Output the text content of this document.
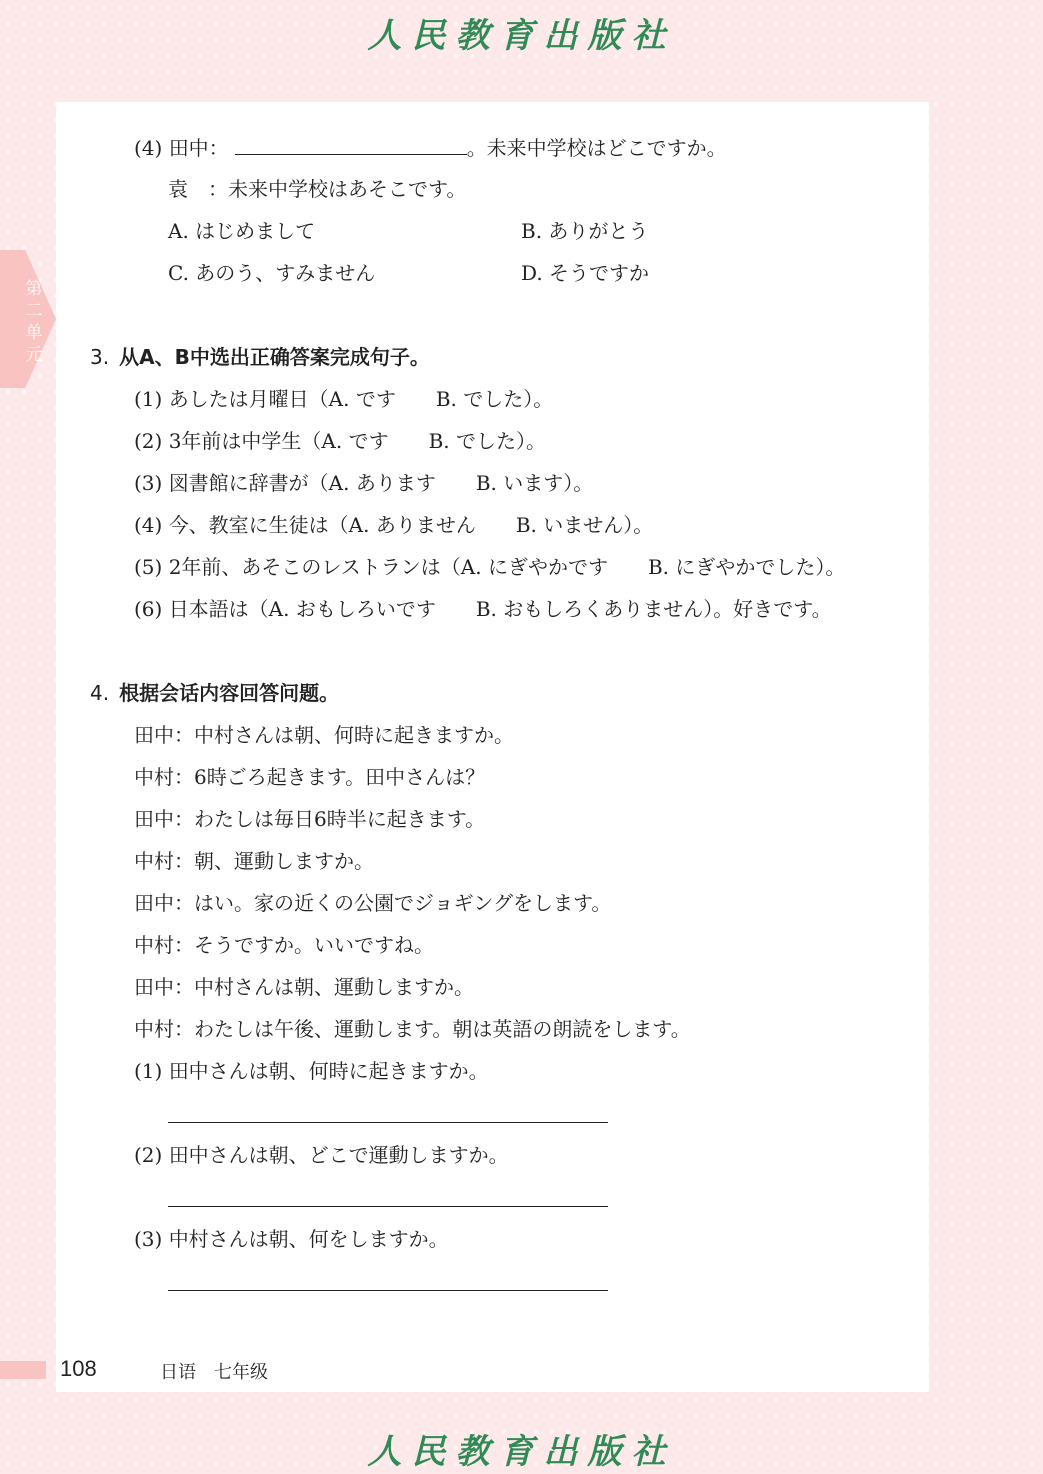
人民教育出版社
第二单元
(4) 田中：	。未来中学校はどこですか。
袁　：未来中学校はあそこです。
A. はじめまして	B. ありがとう
C. あのう、すみません	D. そうですか
3. 从A、B中选出正确答案完成句子。
(1) あしたは月曜日（A. です　　B. でした）。
(2) 3年前は中学生（A. です　　B. でした）。
(3) 図書館に辞書が（A. あります　　B. います）。
(4) 今、教室に生徒は（A. ありません　　B. いません）。
(5) 2年前、あそこのレストランは（A. にぎやかです　　B. にぎやかでした）。
(6) 日本語は（A. おもしろいです　　B. おもしろくありません）。好きです。
4. 根据会话内容回答问题。
田中：中村さんは朝、何時に起きますか。
中村：6時ごろ起きます。田中さんは？
田中：わたしは毎日6時半に起きます。
中村：朝、運動しますか。
田中：はい。家の近くの公園でジョギングをします。
中村：そうですか。いいですね。
田中：中村さんは朝、運動しますか。
中村：わたしは午後、運動します。朝は英語の朗読をします。
(1) 田中さんは朝、何時に起きますか。
(2) 田中さんは朝、どこで運動しますか。
(3) 中村さんは朝、何をしますか。
108	日语　七年级
人民教育出版社
